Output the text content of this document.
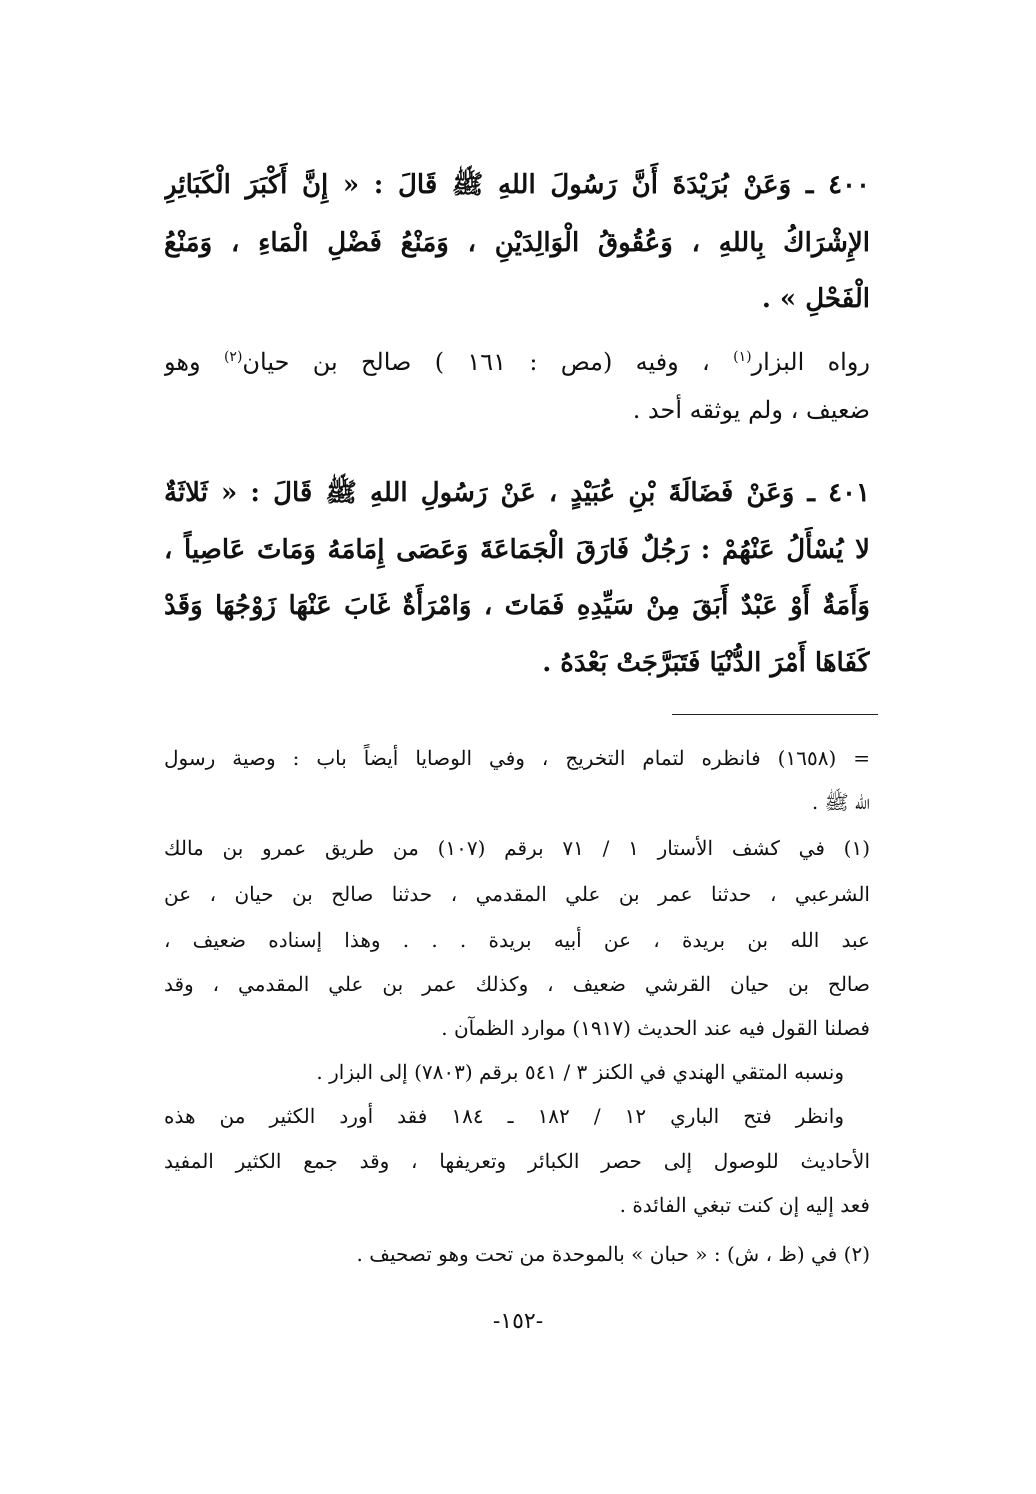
٤٠٠ ـ وَعَنْ بُرَيْدَةَ أَنَّ رَسُولَ اللهِ ﷺ قَالَ : « إِنَّ أَكْبَرَ الْكَبَائِرِ
الإِشْرَاكُ بِاللهِ ، وَعُقُوقُ الْوَالِدَيْنِ ، وَمَنْعُ فَضْلِ الْمَاءِ ، وَمَنْعُ
الْفَحْلِ » .
رواه البزار$^{(١)}$ ، وفيه (مص : ١٦١ ) صالح بن حيان$^{(٢)}$ وهو
ضعيف ، ولم يوثقه أحد .
٤٠١ ـ وَعَنْ فَضَالَةَ بْنِ عُبَيْدٍ ، عَنْ رَسُولِ اللهِ ﷺ قَالَ : « ثَلاثَةٌ
لا يُسْأَلُ عَنْهُمْ : رَجُلٌ فَارَقَ الْجَمَاعَةَ وَعَصَى إِمَامَهُ وَمَاتَ عَاصِياً ،
وَأَمَةٌ أَوْ عَبْدٌ أَبَقَ مِنْ سَيِّدِهِ فَمَاتَ ، وَامْرَأَةٌ غَابَ عَنْهَا زَوْجُهَا وَقَدْ
كَفَاهَا أَمْرَ الدُّنْيَا فَتَبَرَّجَتْ بَعْدَهُ .
= (١٦٥٨) فانظره لتمام التخريج ، وفي الوصايا أيضاً باب : وصية رسول
الله ﷺ .
(١) في كشف الأستار ١ / ٧١ برقم (١٠٧) من طريق عمرو بن مالك
الشرعبي ، حدثنا عمر بن علي المقدمي ، حدثنا صالح بن حيان ، عن
عبد الله بن بريدة ، عن أبيه بريدة . . . وهذا إسناده ضعيف ،
صالح بن حيان القرشي ضعيف ، وكذلك عمر بن علي المقدمي ، وقد
فصلنا القول فيه عند الحديث (١٩١٧) موارد الظمآن .
ونسبه المتقي الهندي في الكنز ٣ / ٥٤١ برقم (٧٨٠٣) إلى البزار .
وانظر فتح الباري ١٢ / ١٨٢ ـ ١٨٤ فقد أورد الكثير من هذه
الأحاديث للوصول إلى حصر الكبائر وتعريفها ، وقد جمع الكثير المفيد
فعد إليه إن كنت تبغي الفائدة .
(٢) في (ظ ، ش) : « حبان » بالموحدة من تحت وهو تصحيف .
-١٥٢-
